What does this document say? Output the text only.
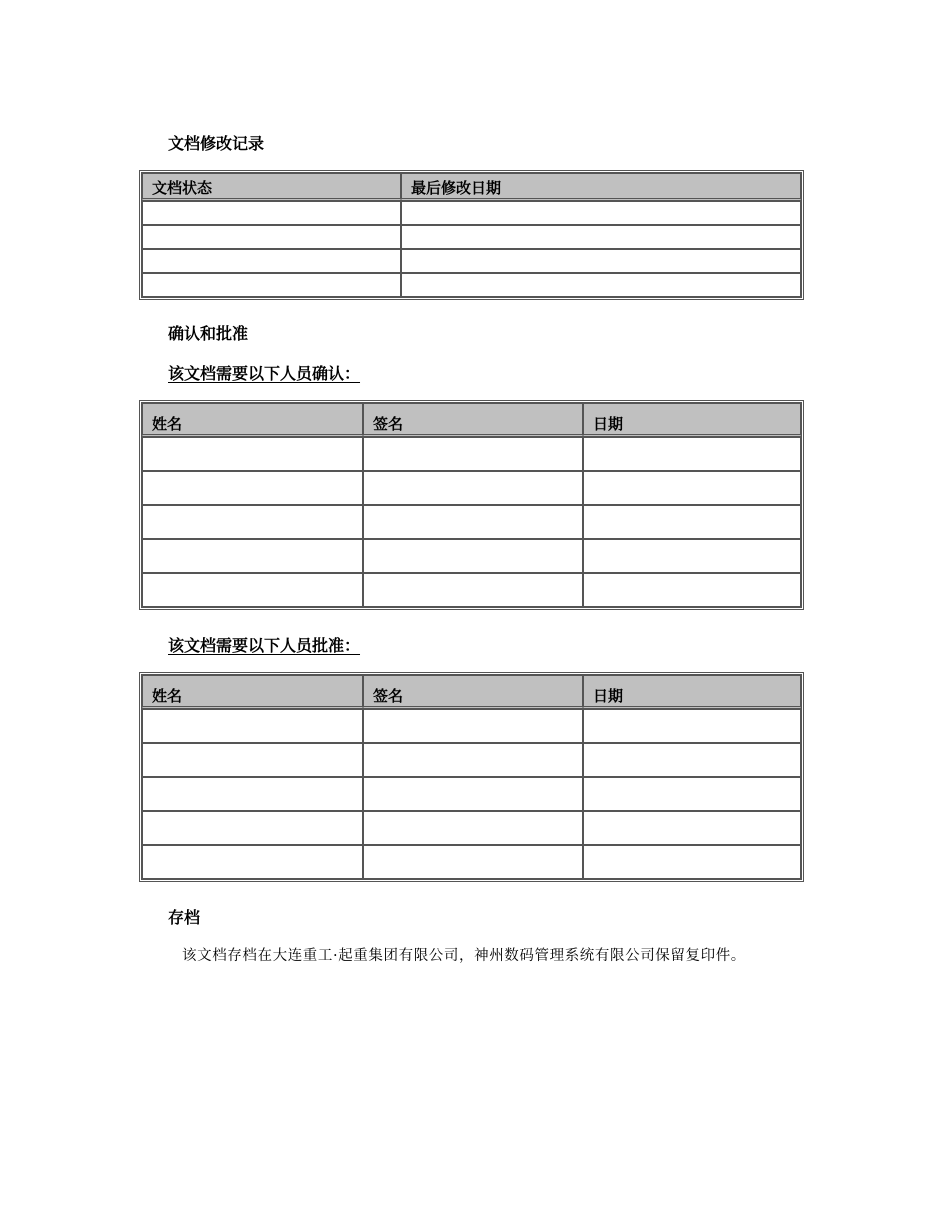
文档修改记录
文档状态	最后修改日期

确认和批准

该文档需要以下人员确认：

姓名	签名	日期

该文档需要以下人员批准：

姓名	签名	日期

存档

该文档存档在大连重工·起重集团有限公司，神州数码管理系统有限公司保留复印件。
